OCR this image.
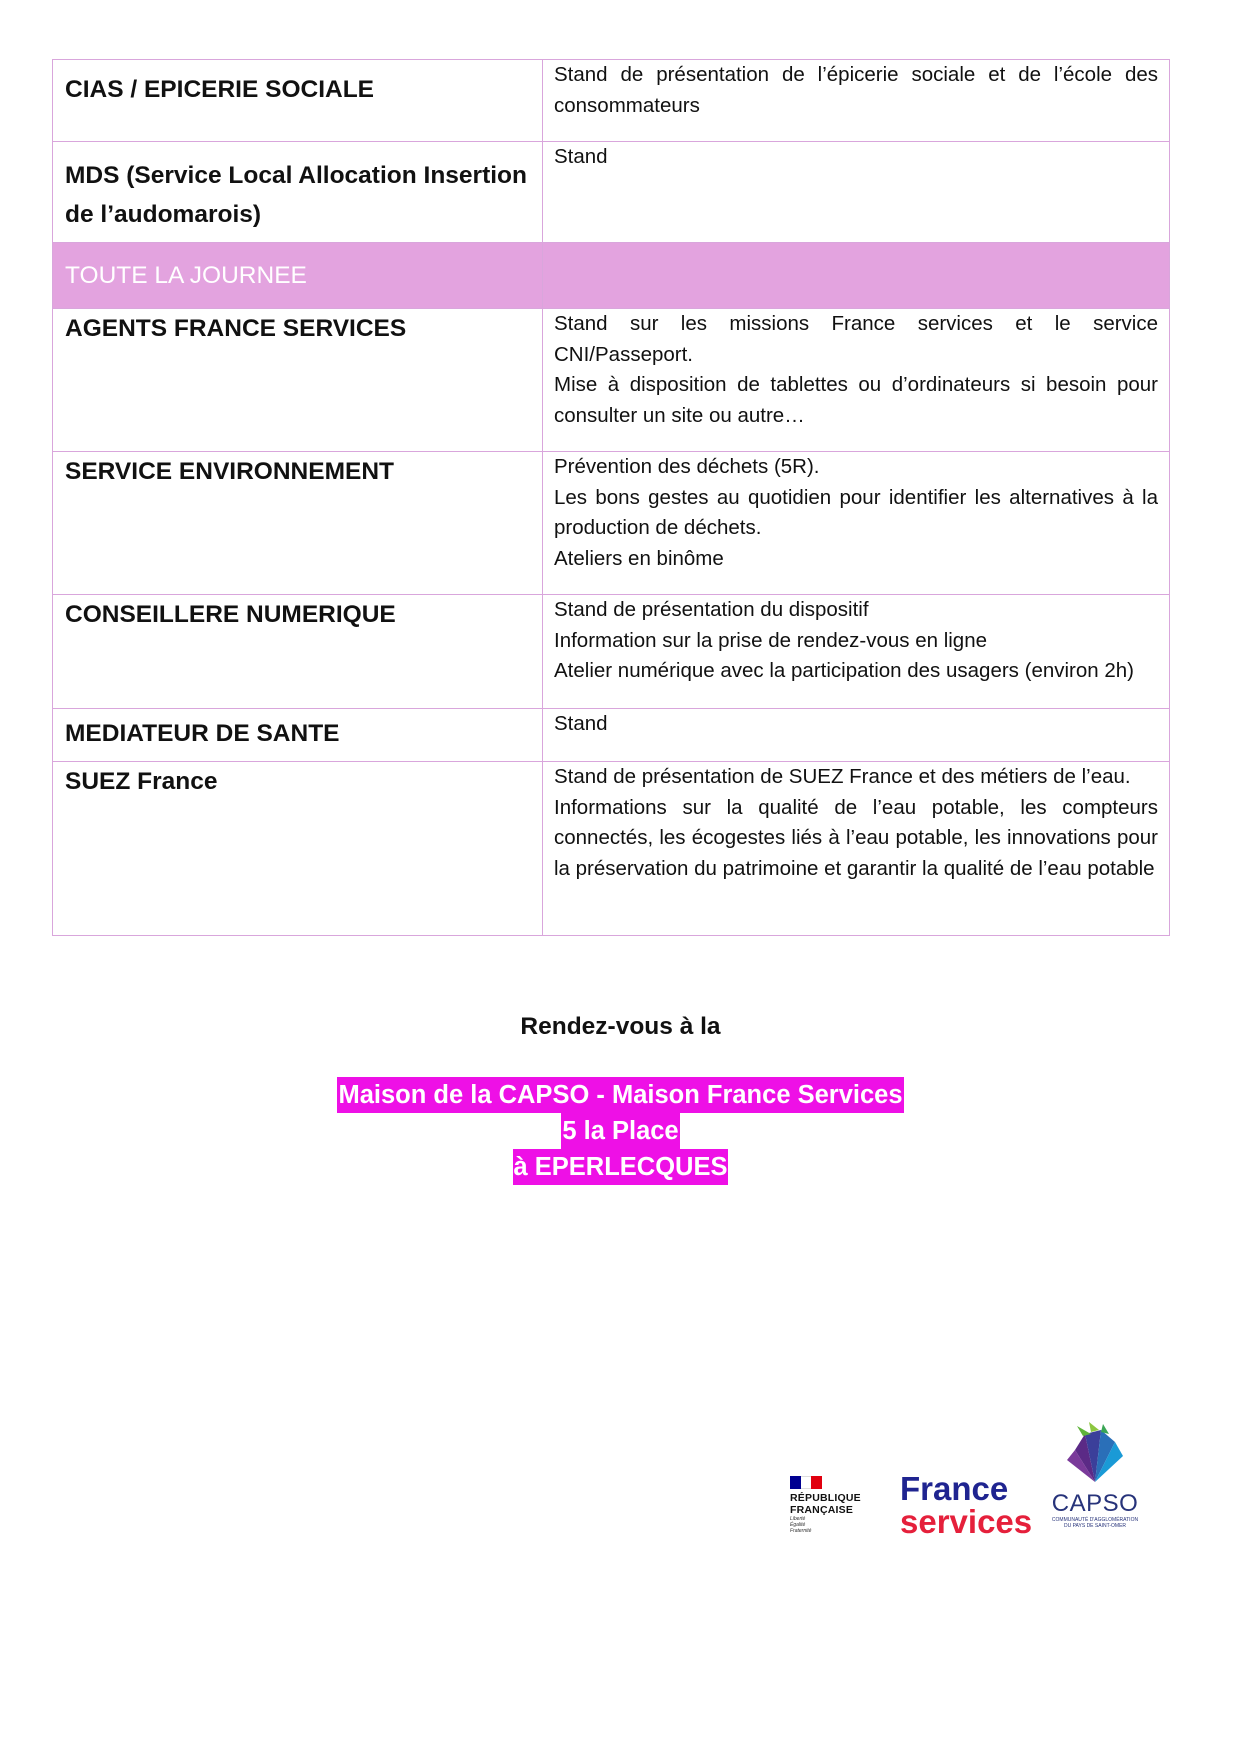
CIAS / EPICERIE SOCIALE	Stand de présentation de l’épicerie sociale et de l’école des consommateurs

MDS (Service Local Allocation Insertion de l’audomarois)	Stand

TOUTE LA JOURNEE	
AGENTS FRANCE SERVICES	Stand sur les missions France services et le service CNI/Passeport.
Mise à disposition de tablettes ou d’ordinateurs si besoin pour consulter un site ou autre…

SERVICE ENVIRONNEMENT	Prévention des déchets (5R).
Les bons gestes au quotidien pour identifier les alternatives à la production de déchets.
Ateliers en binôme

CONSEILLERE NUMERIQUE	Stand de présentation du dispositif
Information sur la prise de rendez-vous en ligne
Atelier numérique avec la participation des usagers (environ 2h)

MEDIATEUR DE SANTE	Stand

SUEZ France	Stand de présentation de SUEZ France et des métiers de l’eau.
Informations sur la qualité de l’eau potable, les compteurs connectés, les écogestes liés à l’eau potable, les innovations pour la préservation du patrimoine et garantir la qualité de l’eau potable
Rendez-vous à la
Maison de la CAPSO - Maison France Services
5 la Place
à EPERLECQUES
RÉPUBLIQUE
FRANÇAISE
Liberté
Égalité
Fraternité
France
services CAPSO
COMMUNAUTÉ D'AGGLOMÉRATION DU PAYS DE SAINT-OMER
